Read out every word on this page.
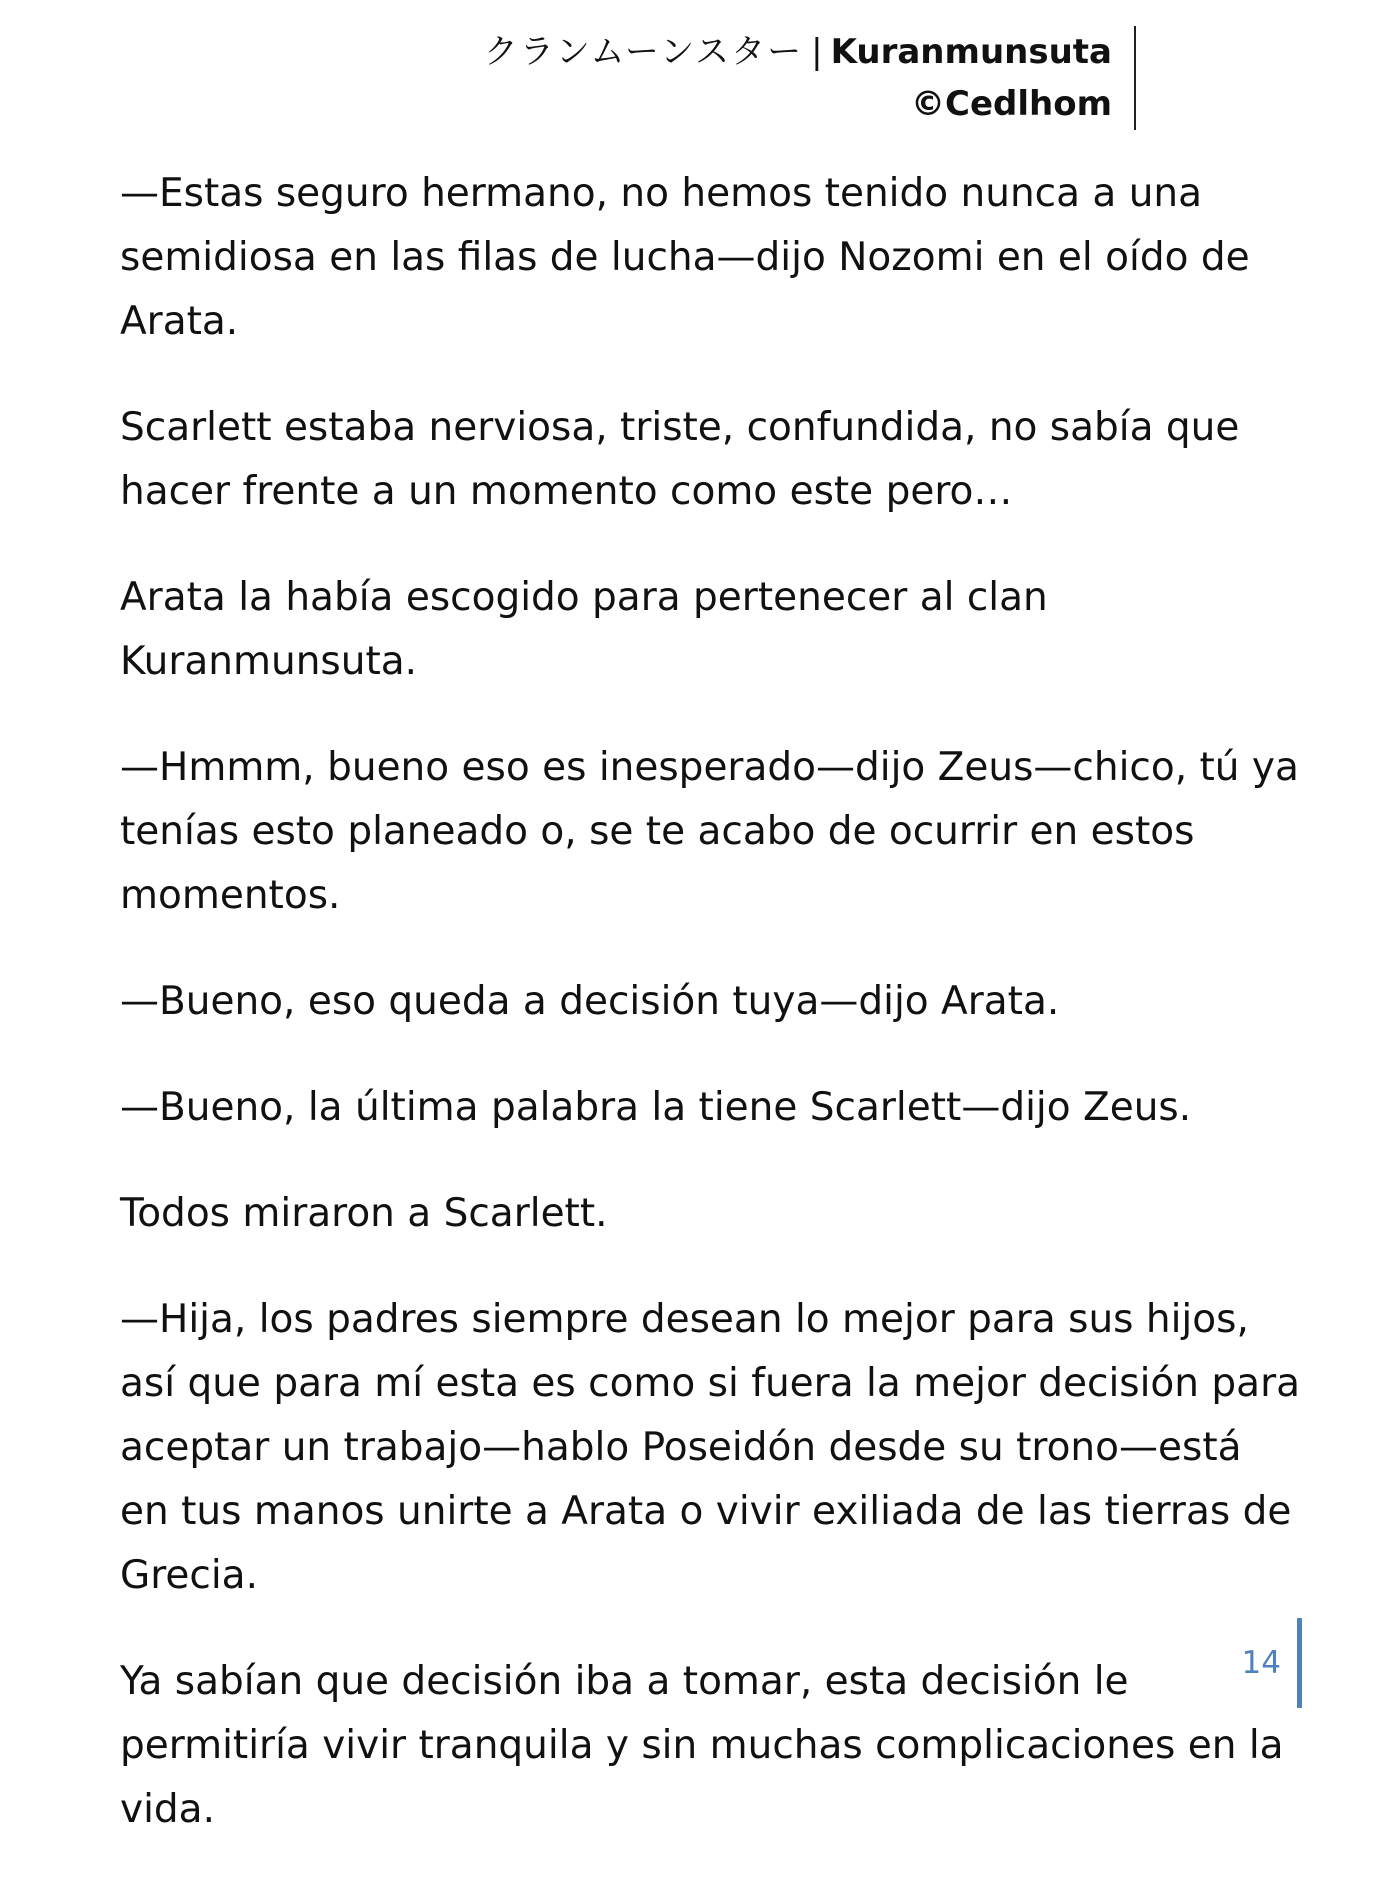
クランムーンスター | Kuranmunsuta
©Cedlhom

—Estas seguro hermano, no hemos tenido nunca a una semidiosa en las filas de lucha—dijo Nozomi en el oído de Arata.

Scarlett estaba nerviosa, triste, confundida, no sabía que hacer frente a un momento como este pero…

Arata la había escogido para pertenecer al clan Kuranmunsuta.

—Hmmm, bueno eso es inesperado—dijo Zeus—chico, tú ya tenías esto planeado o, se te acabo de ocurrir en estos momentos.

—Bueno, eso queda a decisión tuya—dijo Arata.

—Bueno, la última palabra la tiene Scarlett—dijo Zeus.

Todos miraron a Scarlett.

—Hija, los padres siempre desean lo mejor para sus hijos, así que para mí esta es como si fuera la mejor decisión para aceptar un trabajo—hablo Poseidón desde su trono—está en tus manos unirte a Arata o vivir exiliada de las tierras de Grecia.

Ya sabían que decisión iba a tomar, esta decisión le permitiría vivir tranquila y sin muchas complicaciones en la vida.

14
